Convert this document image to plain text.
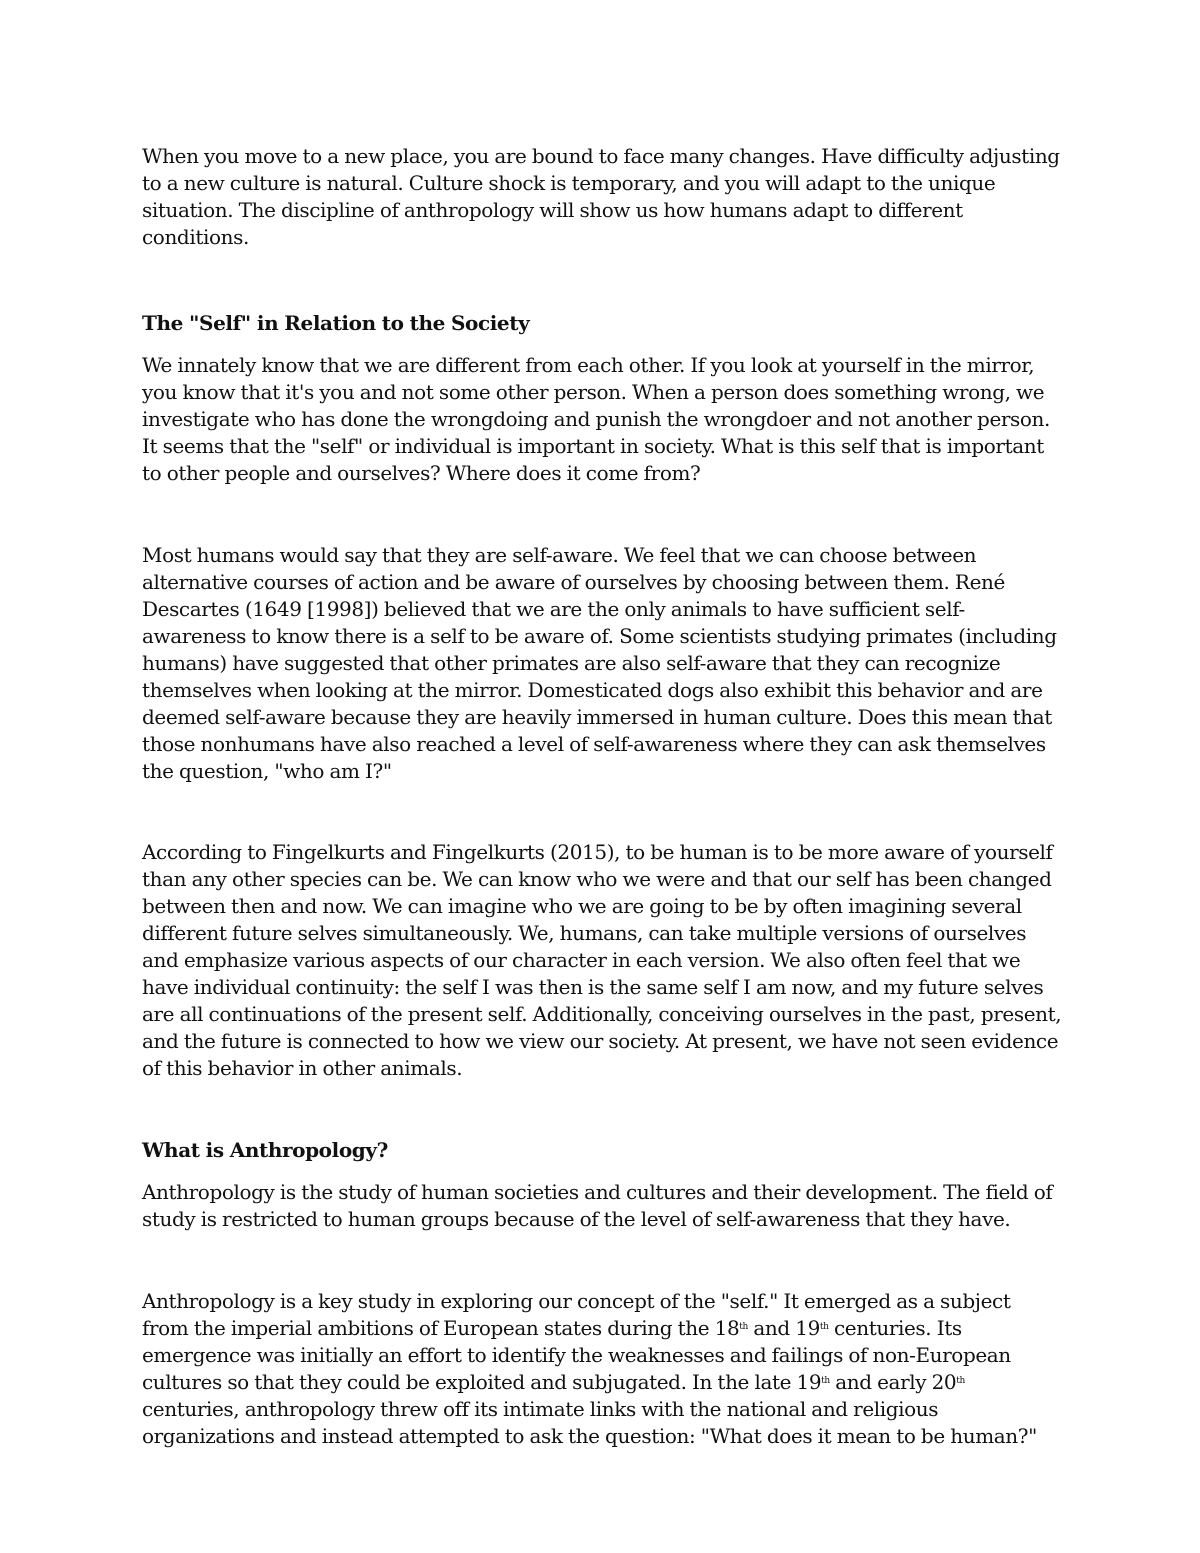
When you move to a new place, you are bound to face many changes. Have difficulty adjusting to a new culture is natural. Culture shock is temporary, and you will adapt to the unique situation. The discipline of anthropology will show us how humans adapt to different conditions.

The "Self" in Relation to the Society

We innately know that we are different from each other. If you look at yourself in the mirror, you know that it's you and not some other person. When a person does something wrong, we investigate who has done the wrongdoing and punish the wrongdoer and not another person. It seems that the "self" or individual is important in society. What is this self that is important to other people and ourselves? Where does it come from?

Most humans would say that they are self-aware. We feel that we can choose between alternative courses of action and be aware of ourselves by choosing between them. René Descartes (1649 [1998]) believed that we are the only animals to have sufficient self-awareness to know there is a self to be aware of. Some scientists studying primates (including humans) have suggested that other primates are also self-aware that they can recognize themselves when looking at the mirror. Domesticated dogs also exhibit this behavior and are deemed self-aware because they are heavily immersed in human culture. Does this mean that those nonhumans have also reached a level of self-awareness where they can ask themselves the question, "who am I?"

According to Fingelkurts and Fingelkurts (2015), to be human is to be more aware of yourself than any other species can be. We can know who we were and that our self has been changed between then and now. We can imagine who we are going to be by often imagining several different future selves simultaneously. We, humans, can take multiple versions of ourselves and emphasize various aspects of our character in each version. We also often feel that we have individual continuity: the self I was then is the same self I am now, and my future selves are all continuations of the present self. Additionally, conceiving ourselves in the past, present, and the future is connected to how we view our society. At present, we have not seen evidence of this behavior in other animals.

What is Anthropology?

Anthropology is the study of human societies and cultures and their development. The field of study is restricted to human groups because of the level of self-awareness that they have.

Anthropology is a key study in exploring our concept of the "self." It emerged as a subject from the imperial ambitions of European states during the 18th and 19th centuries. Its emergence was initially an effort to identify the weaknesses and failings of non-European cultures so that they could be exploited and subjugated. In the late 19th and early 20th centuries, anthropology threw off its intimate links with the national and religious organizations and instead attempted to ask the question: "What does it mean to be human?"
